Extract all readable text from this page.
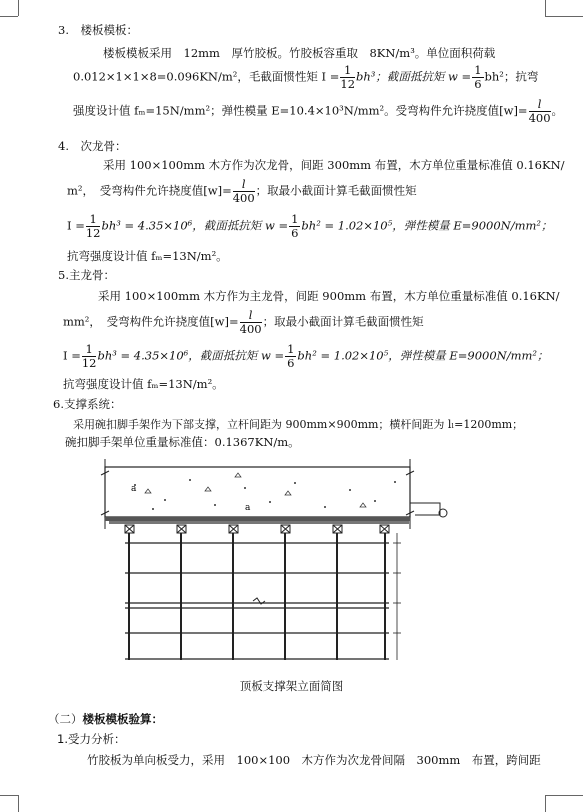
3.　楼板模板：
楼板模板采用　12mm　厚竹胶板。竹胶板容重取　8KN/m³。单位面积荷载
0.012×1×1×8=0.096KN/m²，毛截面惯性矩 $I = \frac{1}{12} bh^3$；截面抵抗矩 $w = \frac{1}{6} bh^2$；抗弯
强度设计值 fₘ=15N/mm²；弹性模量 E=10.4×10³N/mm²。受弯构件允许挠度值$[w]= \frac{l}{400}$ 。
4.　次龙骨：
采用 100×100mm 木方作为次龙骨，间距 300mm 布置，木方单位重量标准值 0.16KN/
m²，　受弯构件允许挠度值$[w]= \frac{l}{400}$ ；取最小截面计算毛截面惯性矩
$I = \frac{1}{12} bh^3 = 4.35\times 10^6$，截面抵抗矩 $w = \frac{1}{6} bh^2 = 1.02\times 10^5$，弹性模量 E=9000N/mm²；
抗弯强度设计值 fₘ=13N/m²。
5.主龙骨：
采用 100×100mm 木方作为主龙骨，间距 900mm 布置，木方单位重量标准值 0.16KN/
mm²，　受弯构件允许挠度值$[w]= \frac{l}{400}$ ；取最小截面计算毛截面惯性矩
$I = \frac{1}{12} bh^3 = 4.35\times 10^6$，截面抵抗矩 $w = \frac{1}{6} bh^2 = 1.02\times 10^5$，弹性模量 E=9000N/mm²；
抗弯强度设计值 fₘ=13N/m²。
6.支撑系统：
采用碗扣脚手架作为下部支撑，立杆间距为 900mm×900mm；横杆间距为 lₗ=1200mm；
碗扣脚手架单位重量标准值：0.1367KN/m。
a
a
顶板支撑架立面简图
（二）楼板模板验算：
1.受力分析：
竹胶板为单向板受力，采用　100×100　木方作为次龙骨间隔　300mm　布置，跨间距
